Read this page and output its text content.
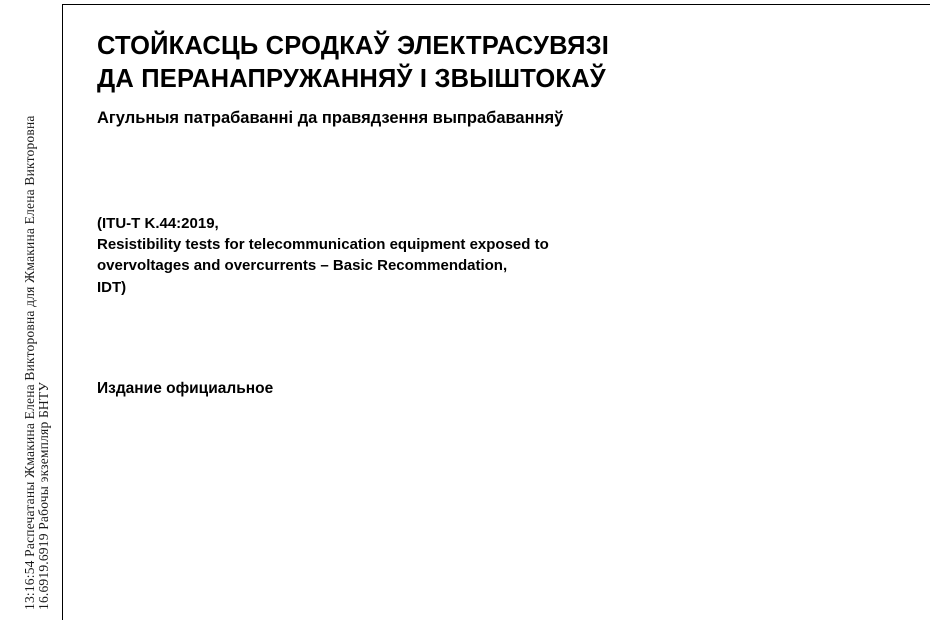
16.6919.6919 Рабочы экземпляр БНТУ
13:16:54 Распечатаны Жмакина Елена Викторовна для Жмакина Елена Викторовна
СТОЙКАСЦЬ СРОДКАЎ ЭЛЕКТРАСУВЯЗІ
ДА ПЕРАНАПРУЖАННЯЎ І ЗВЫШТОКАЎ

Агульныя патрабаванні да правядзення выпрабаванняў

(ITU-T K.44:2019,
Resistibility tests for telecommunication equipment exposed to
overvoltages and overcurrents – Basic Recommendation,
IDT)

Издание официальное
